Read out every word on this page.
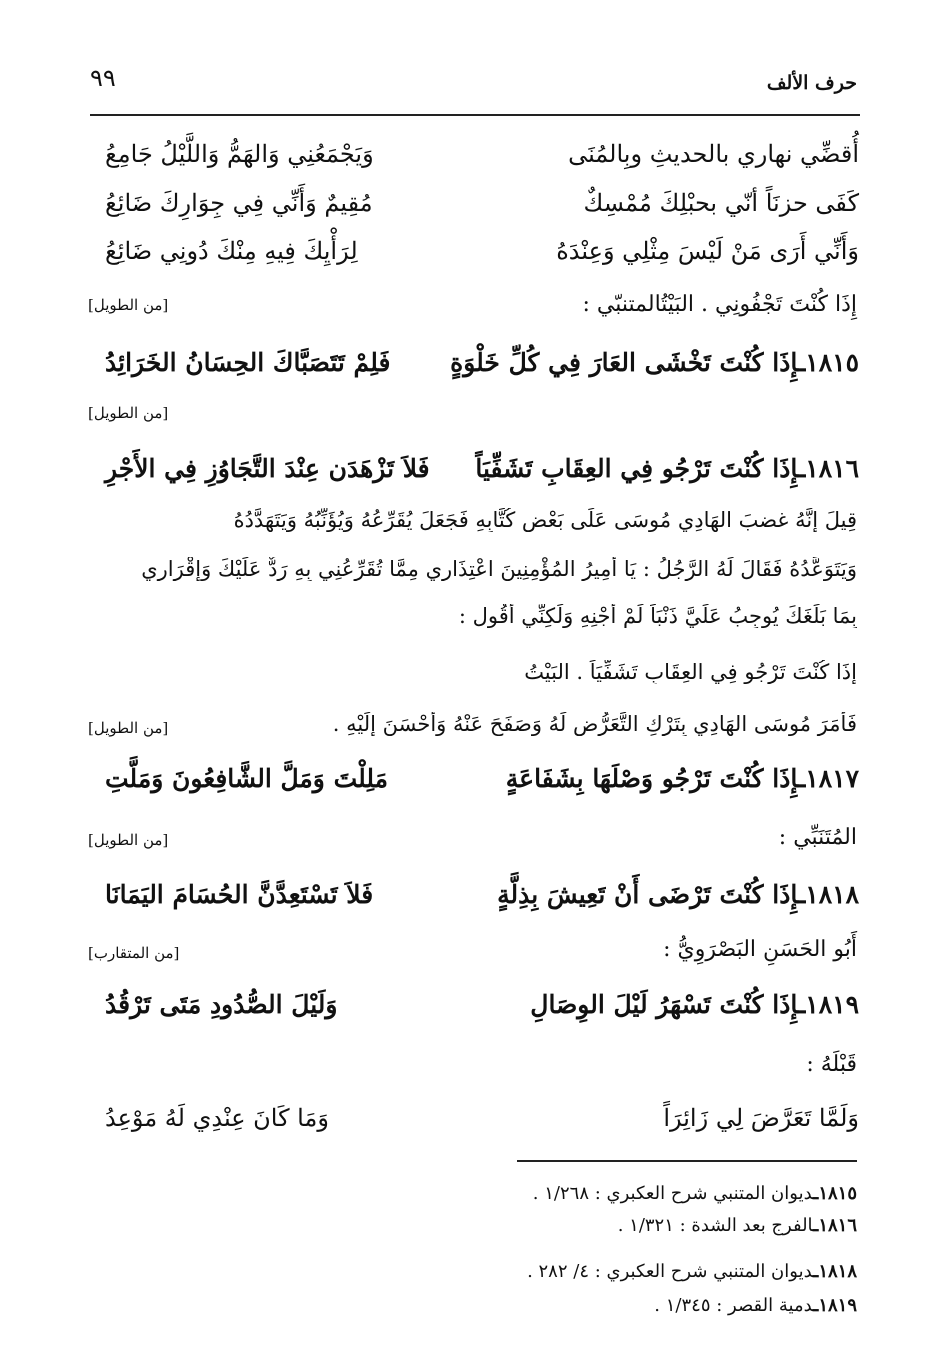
حرف الألف
٩٩
أُقضِّي نهاري بالحديثِ وبِالمُنَى
وَيَجْمَعُنِي وَالهَمُّ وَاللَّيْلُ جَامِعُ
كَفَى حزنَاً أنّي بحبْلِكَ مُمْسِكٌ
مُقِيمٌ وَأَنِّي فِي جِوَارِكَ ضَائِعُ
وَأَنِّي أَرَى مَنْ لَيْسَ مِثْلِي وَعِنْدَهُ
لِرَأْيِكَ فِيهِ مِنْكَ دُونِي ضَائِعُ
إِذَا كُنْتَ تَجْفُونِي . البَيْتُالمتنبّي :
[من الطويل]
١٨١٥ـإِذَا كُنْتَ تَخْشَى العَارَ فِي كُلِّ خَلْوَةٍ
فَلِمْ تَتَصَبَّاكَ الحِسَانُ الخَرَائِدُ
[من الطويل]
١٨١٦ـإِذَا كُنْتَ تَرْجُو فِي العِقَابِ تَشَفِّيَاً
فَلاَ تَزْهَدَن عِنْدَ التَّجَاوُزِ فِي الأَجْرِ
قِيلَ إِنَّهُ غضبَ الهَادِي مُوسَى عَلَى بَعْضِ كُتَّابِهِ فَجَعَلَ يُقَرِّعُهُ وَيُؤَنِّبُهُ وَيَتَهَدَّدُهُ
وَيَتَوَعَّدُهُ فَقَالَ لَهُ الرَّجُلُ : يَا أَمِيرُ المُؤْمِنِينَ اعْتِذَارِي مِمَّا تُقَرِّعُنِي بِهِ رَدٌّ عَلَيْكَ وَإِقْرَارِي
بِمَا بَلَغَكَ يُوجِبُ عَلَيَّ ذَنْبَاً لَمْ أَجْنِهِ وَلَكِنِّي أَقُول :
إِذَا كُنْتَ تَرْجُو فِي العِقَابِ تَشَفِّيَاً . البَيْتُ
فَأَمَرَ مُوسَى الهَادِي بِتَرْكِ التَّعَرُّضِ لَهُ وَصَفَحَ عَنْهُ وَأَحْسَنَ إِلَيْهِ .
[من الطويل]
١٨١٧ـإِذَا كُنْتَ تَرْجُو وَصْلَهَا بِشَفَاعَةٍ
مَلِلْتَ وَمَلَّ الشَّافِعُونَ وَمَلَّتِ
المُتَنَبِّي :
[من الطويل]
١٨١٨ـإِذَا كُنْتَ تَرْضَى أَنْ تَعِيشَ بِذِلَّةٍ
فَلاَ تَسْتَعِدَّنَّ الحُسَامَ اليَمَانَا
أَبُو الحَسَنِ البَصْرَوِيُّ :
[من المتقارب]
١٨١٩ـإِذَا كُنْتَ تَسْهَرُ لَيْلَ الوِصَالِ
وَلَيْلَ الصُّدُودِ مَتَى تَرْقُدُ
قَبْلَهُ :
وَلَمَّا تَعَرَّضَ لِي زَائِرَاً
وَمَا كَانَ عِنْدِي لَهُ مَوْعِدُ
١٨١٥ـديوان المتنبي شرح العكبري : ١/٢٦٨ .
١٨١٦ـالفرج بعد الشدة : ١/٣٢١ .
١٨١٨ـديوان المتنبي شرح العكبري : ٤/ ٢٨٢ .
١٨١٩ـدمية القصر : ١/٣٤٥ .
